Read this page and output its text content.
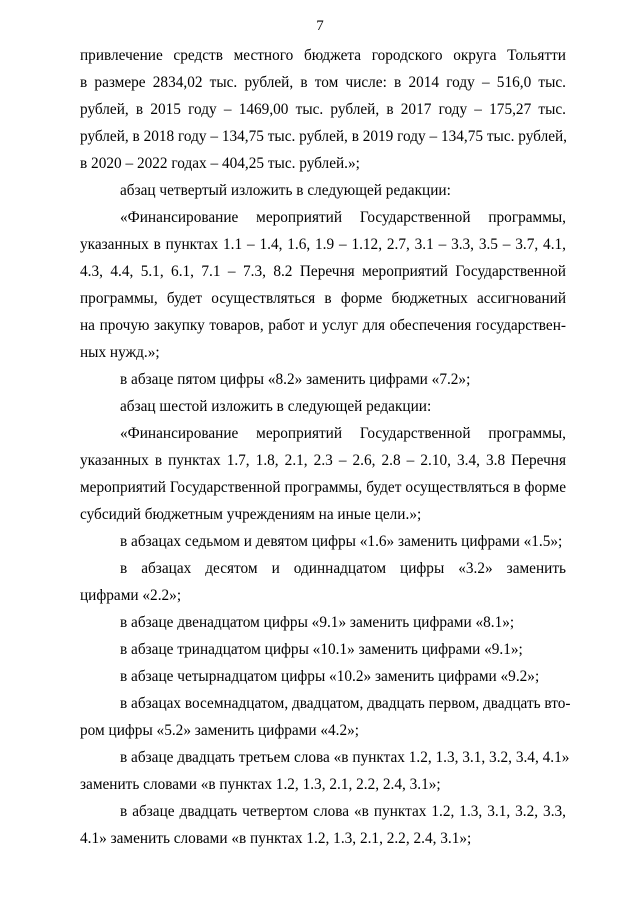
7

привлечение средств местного бюджета городского округа Тольятти
в размере 2834,02 тыс. рублей, в том числе: в 2014 году – 516,0 тыс.
рублей, в 2015 году – 1469,00 тыс. рублей, в 2017 году – 175,27 тыс.
рублей, в 2018 году – 134,75 тыс. рублей, в 2019 году – 134,75 тыс. рублей,
в 2020 – 2022 годах – 404,25 тыс. рублей.»;

абзац четвертый изложить в следующей редакции:

«Финансирование мероприятий Государственной программы,
указанных в пунктах 1.1 – 1.4, 1.6, 1.9 – 1.12, 2.7, 3.1 – 3.3, 3.5 – 3.7, 4.1,
4.3, 4.4, 5.1, 6.1, 7.1 – 7.3, 8.2 Перечня мероприятий Государственной
программы, будет осуществляться в форме бюджетных ассигнований
на прочую закупку товаров, работ и услуг для обеспечения государствен-
ных нужд.»;

в абзаце пятом цифры «8.2» заменить цифрами «7.2»;

абзац шестой изложить в следующей редакции:

«Финансирование мероприятий Государственной программы,
указанных в пунктах 1.7, 1.8, 2.1, 2.3 – 2.6, 2.8 – 2.10, 3.4, 3.8 Перечня
мероприятий Государственной программы, будет осуществляться в форме
субсидий бюджетным учреждениям на иные цели.»;

в абзацах седьмом и девятом цифры «1.6» заменить цифрами «1.5»;

в абзацах десятом и одиннадцатом цифры «3.2» заменить
цифрами «2.2»;

в абзаце двенадцатом цифры «9.1» заменить цифрами «8.1»;

в абзаце тринадцатом цифры «10.1» заменить цифрами «9.1»;

в абзаце четырнадцатом цифры «10.2» заменить цифрами «9.2»;

в абзацах восемнадцатом, двадцатом, двадцать первом, двадцать вто-
ром цифры «5.2» заменить цифрами «4.2»;

в абзаце двадцать третьем слова «в пунктах 1.2, 1.3, 3.1, 3.2, 3.4, 4.1»
заменить словами «в пунктах 1.2, 1.3, 2.1, 2.2, 2.4, 3.1»;

в абзаце двадцать четвертом слова «в пунктах 1.2, 1.3, 3.1, 3.2, 3.3,
4.1» заменить словами «в пунктах 1.2, 1.3, 2.1, 2.2, 2.4, 3.1»;
